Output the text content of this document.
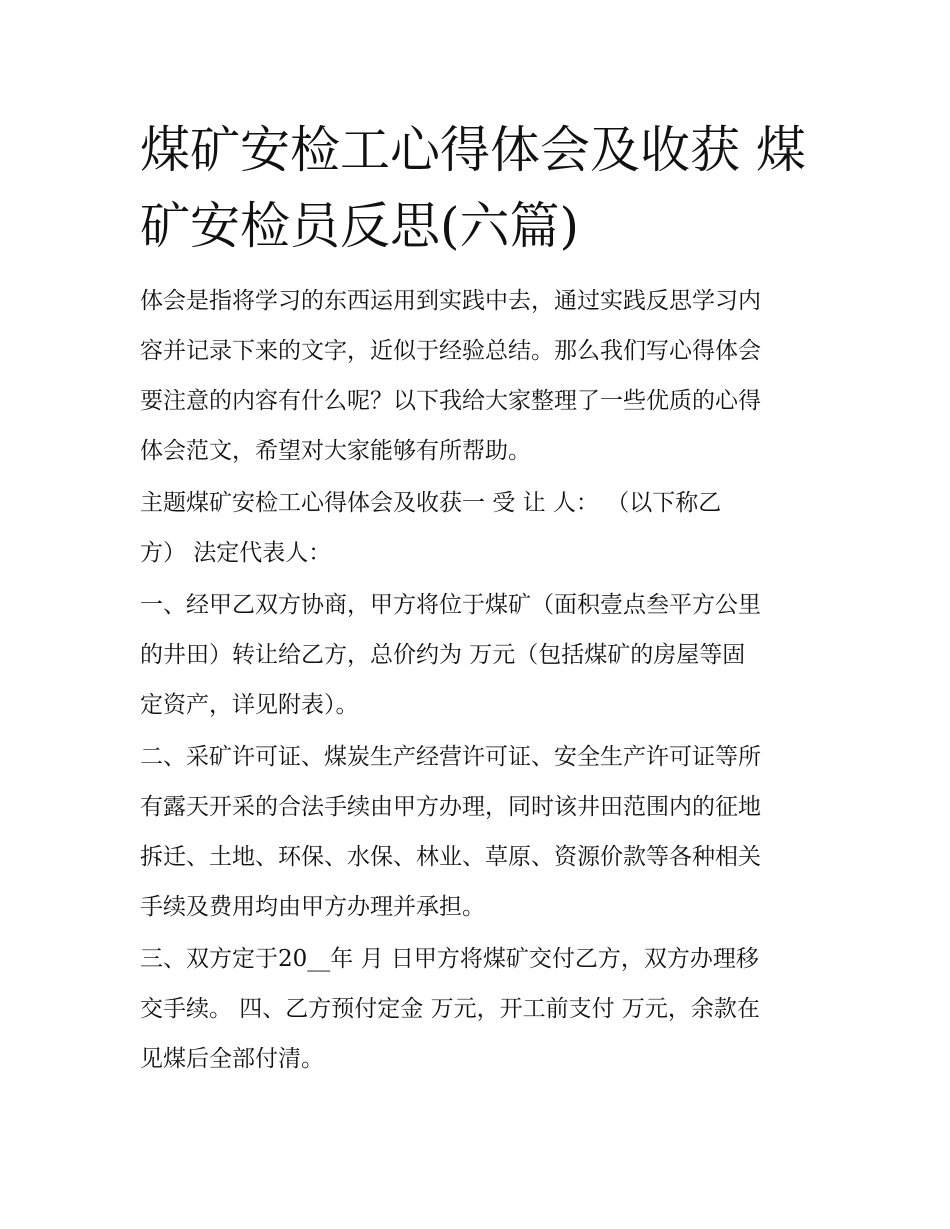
煤矿安检工心得体会及收获 煤
矿安检员反思(六篇)
体会是指将学习的东西运用到实践中去，通过实践反思学习内
容并记录下来的文字，近似于经验总结。那么我们写心得体会
要注意的内容有什么呢？以下我给大家整理了一些优质的心得
体会范文，希望对大家能够有所帮助。
主题煤矿安检工心得体会及收获一 受 让 人： （以下称乙
方） 法定代表人：
一、经甲乙双方协商，甲方将位于煤矿（面积壹点叁平方公里
的井田）转让给乙方，总价约为 万元（包括煤矿的房屋等固
定资产，详见附表）。
二、采矿许可证、煤炭生产经营许可证、安全生产许可证等所
有露天开采的合法手续由甲方办理，同时该井田范围内的征地
拆迁、土地、环保、水保、林业、草原、资源价款等各种相关
手续及费用均由甲方办理并承担。
三、双方定于20__年 月 日甲方将煤矿交付乙方，双方办理移
交手续。 四、乙方预付定金 万元，开工前支付 万元，余款在
见煤后全部付清。
